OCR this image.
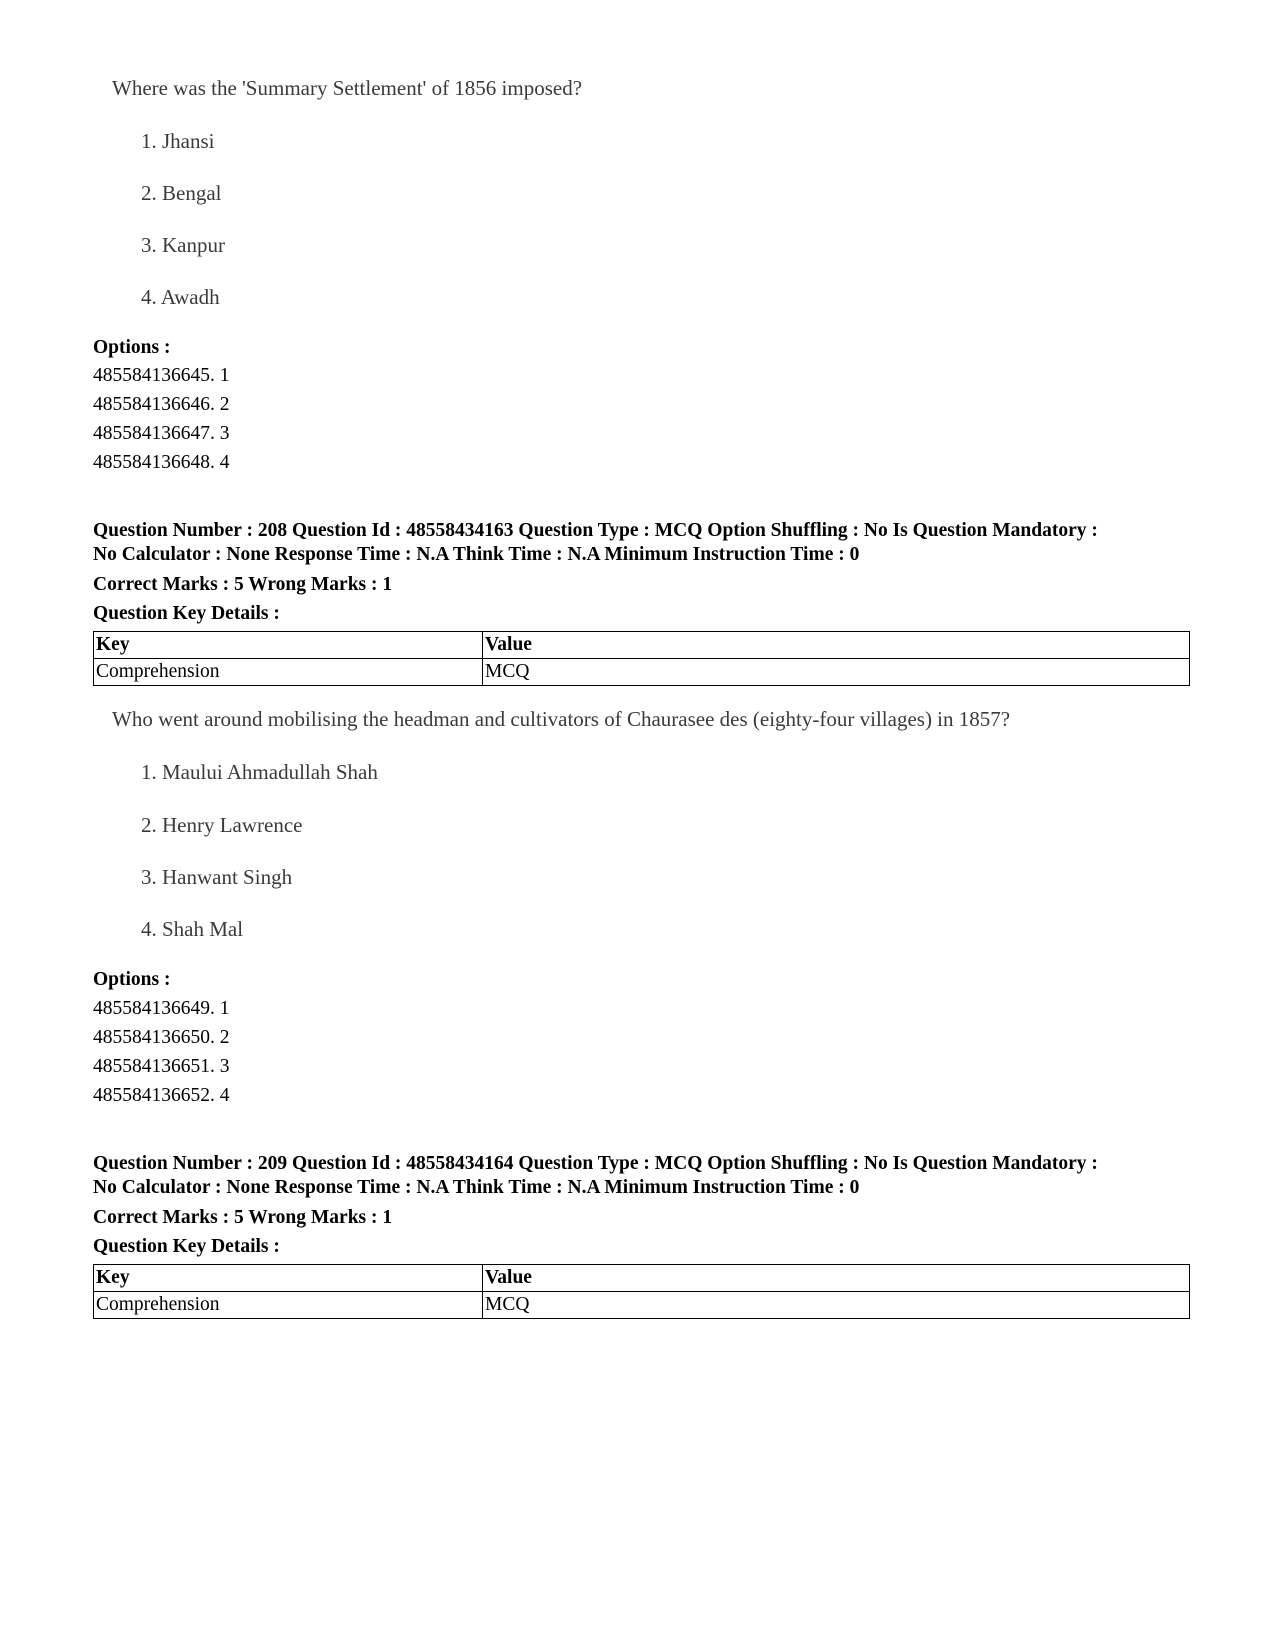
Where was the 'Summary Settlement' of 1856 imposed?
1. Jhansi
2. Bengal
3. Kanpur
4. Awadh
Options :
485584136645. 1
485584136646. 2
485584136647. 3
485584136648. 4
Question Number : 208 Question Id : 48558434163 Question Type : MCQ Option Shuffling : No Is Question Mandatory :
No Calculator : None Response Time : N.A Think Time : N.A Minimum Instruction Time : 0
Correct Marks : 5 Wrong Marks : 1
Question Key Details :
Key	Value
Comprehension	MCQ
Who went around mobilising the headman and cultivators of Chaurasee des (eighty-four villages) in 1857?
1. Maului Ahmadullah Shah
2. Henry Lawrence
3. Hanwant Singh
4. Shah Mal
Options :
485584136649. 1
485584136650. 2
485584136651. 3
485584136652. 4
Question Number : 209 Question Id : 48558434164 Question Type : MCQ Option Shuffling : No Is Question Mandatory :
No Calculator : None Response Time : N.A Think Time : N.A Minimum Instruction Time : 0
Correct Marks : 5 Wrong Marks : 1
Question Key Details :
Key	Value
Comprehension	MCQ
